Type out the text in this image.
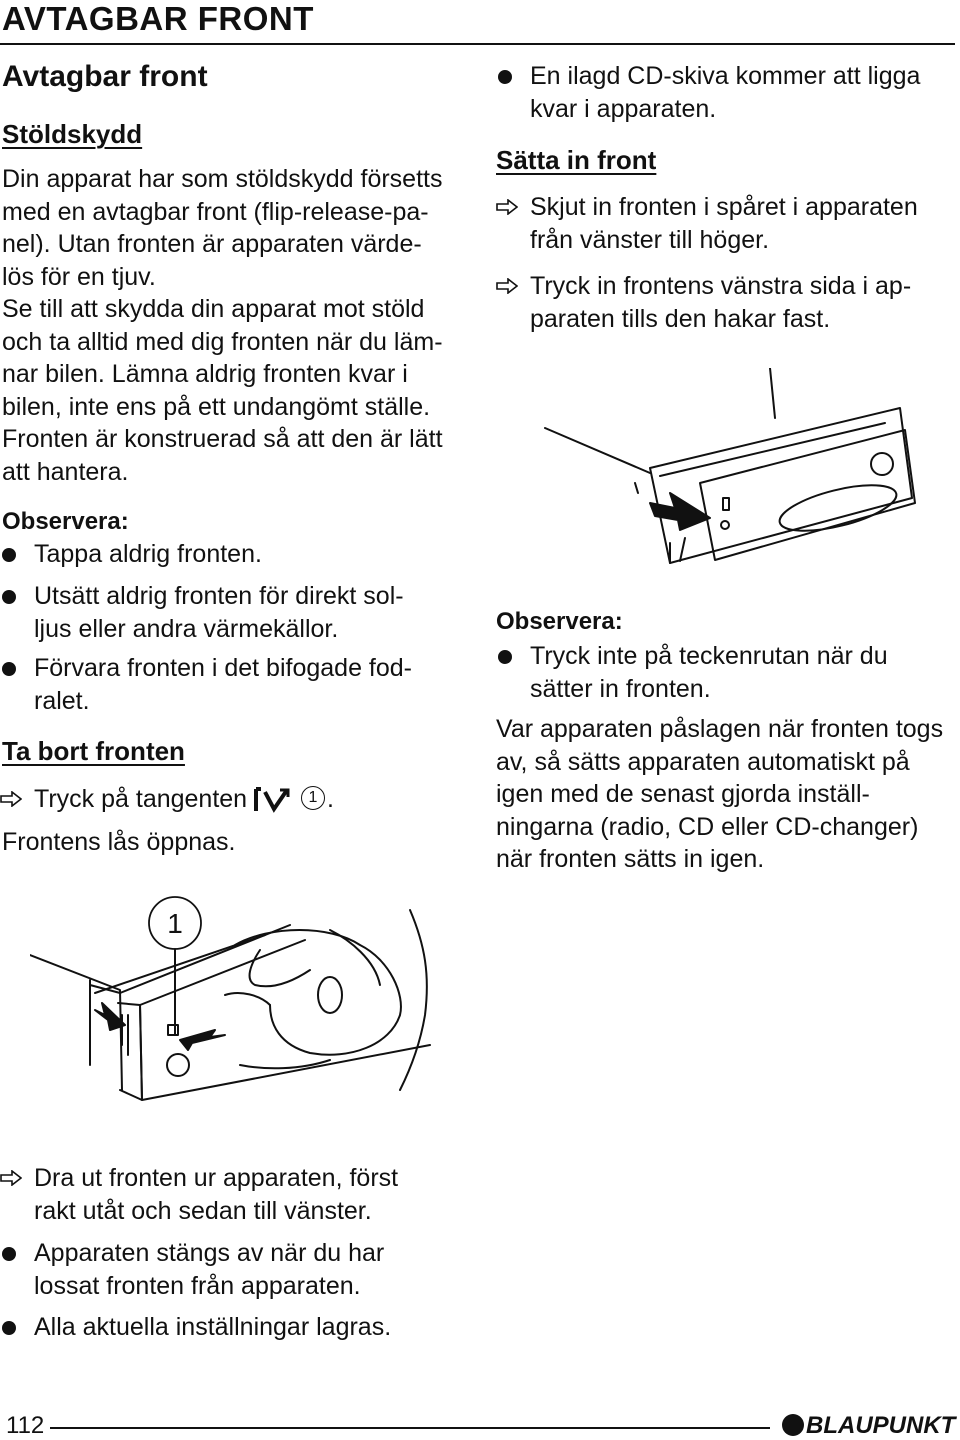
AVTAGBAR FRONT
Avtagbar front
Stöldskydd
Din apparat har som stöldskydd försetts
med en avtagbar front (flip-release-pa-
nel). Utan fronten är apparaten värde-
lös för en tjuv.
Se till att skydda din apparat mot stöld
och ta alltid med dig fronten när du läm-
nar bilen. Lämna aldrig fronten kvar i
bilen, inte ens på ett undangömt ställe.
Fronten är konstruerad så att den är lätt
att hantera.
Observera:
Tappa aldrig fronten.
Utsätt aldrig fronten för direkt sol-
ljus eller andra värmekällor.
Förvara fronten i det bifogade fod-
ralet.
Ta bort fronten
Tryck på tangenten	1 .
Frontens lås öppnas.
1
En ilagd CD-skiva kommer att ligga
kvar i apparaten.
Sätta in front
Skjut in fronten i spåret i apparaten
från vänster till höger.
Tryck in frontens vänstra sida i ap-
paraten tills den hakar fast.
Observera:
Tryck inte på teckenrutan när du
sätter in fronten.
Var apparaten påslagen när fronten togs
av, så sätts apparaten automatiskt på
igen med de senast gjorda inställ-
ningarna (radio, CD eller CD-changer)
när fronten sätts in igen.
Dra ut fronten ur apparaten, först
rakt utåt och sedan till vänster.
Apparaten stängs av när du har
lossat fronten från apparaten.
Alla aktuella inställningar lagras.
112	BLAUPUNKT
